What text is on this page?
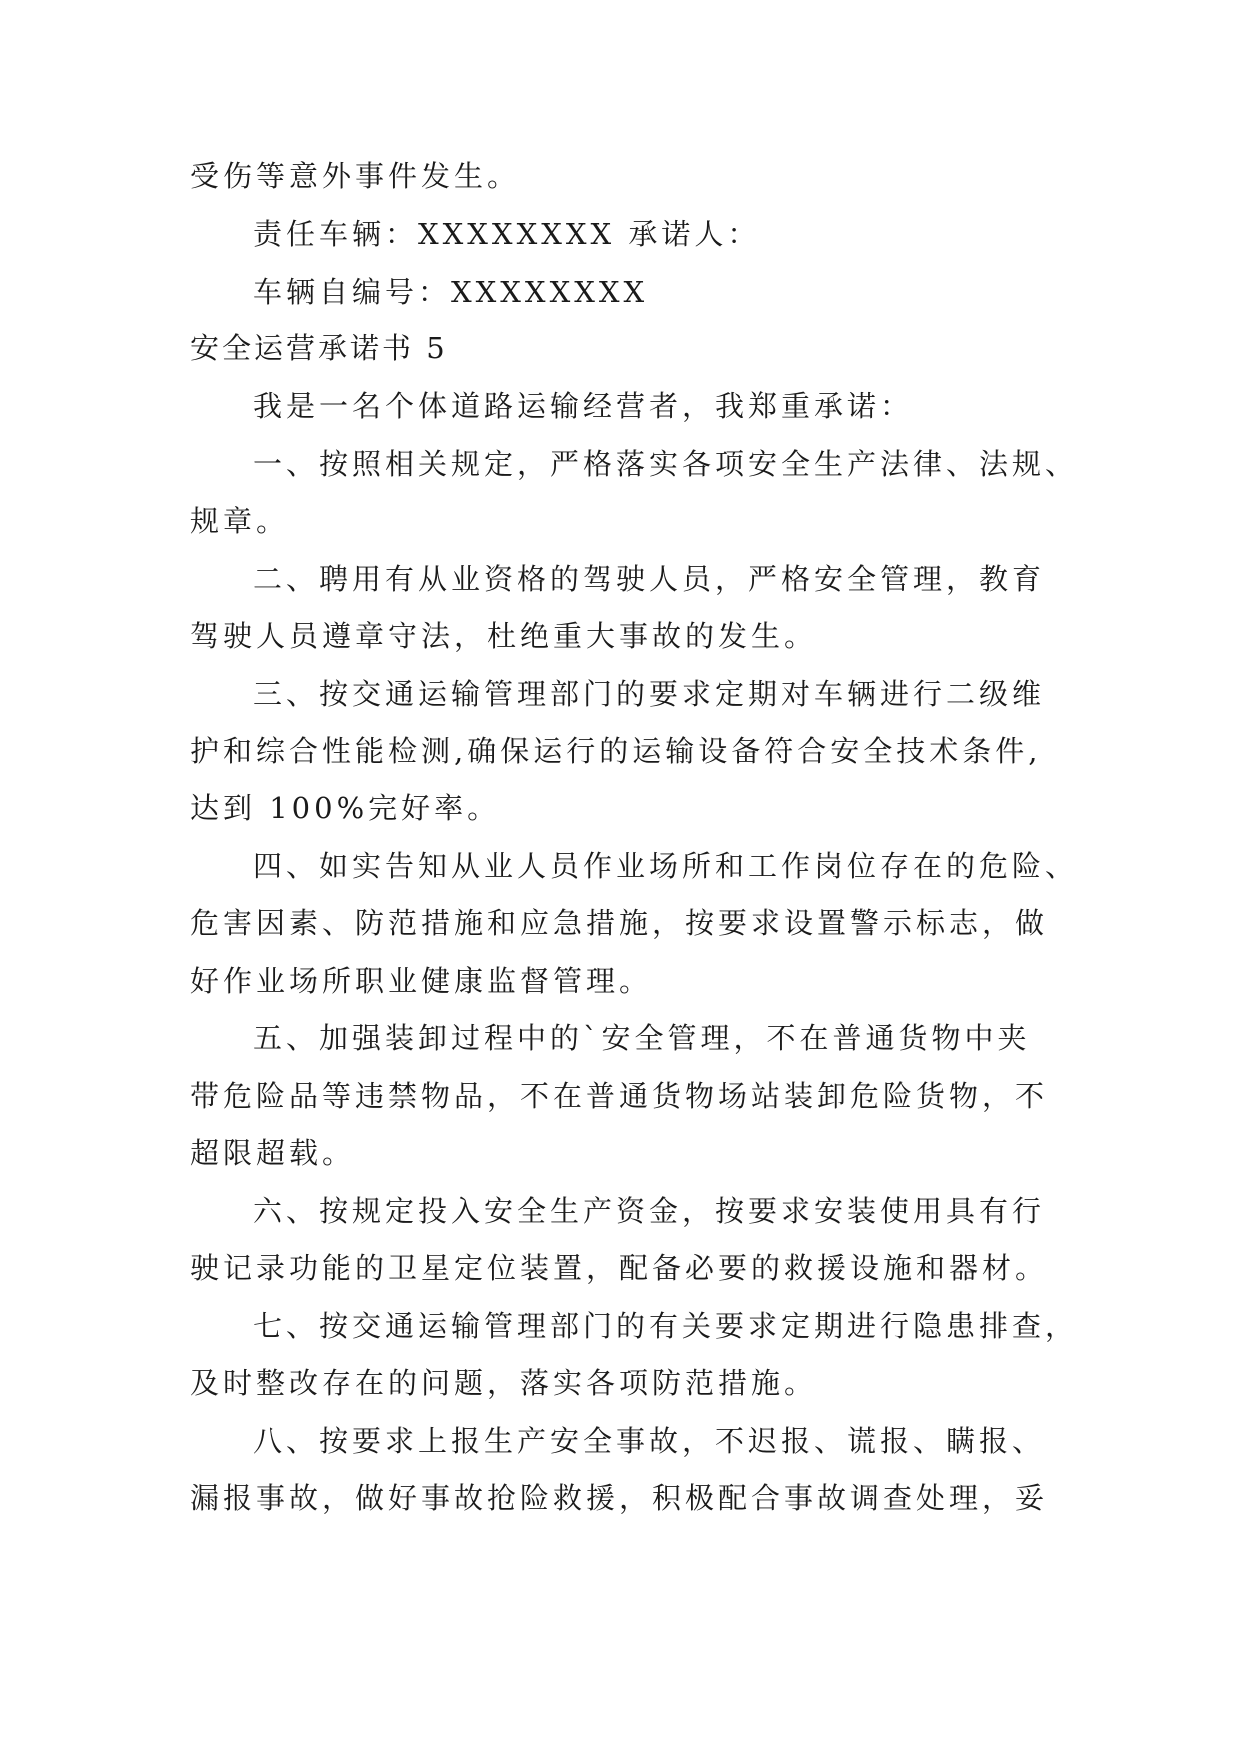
受伤等意外事件发生。
责任车辆：XXXXXXXX 承诺人：
车辆自编号：XXXXXXXX
安全运营承诺书 5
我是一名个体道路运输经营者，我郑重承诺：
一、按照相关规定，严格落实各项安全生产法律、法规、
规章。
二、聘用有从业资格的驾驶人员，严格安全管理，教育
驾驶人员遵章守法，杜绝重大事故的发生。
三、按交通运输管理部门的要求定期对车辆进行二级维
护和综合性能检测,确保运行的运输设备符合安全技术条件,
达到 100%完好率。
四、如实告知从业人员作业场所和工作岗位存在的危险、
危害因素、防范措施和应急措施，按要求设置警示标志，做
好作业场所职业健康监督管理。
五、加强装卸过程中的`安全管理，不在普通货物中夹
带危险品等违禁物品，不在普通货物场站装卸危险货物，不
超限超载。
六、按规定投入安全生产资金，按要求安装使用具有行
驶记录功能的卫星定位装置，配备必要的救援设施和器材。
七、按交通运输管理部门的有关要求定期进行隐患排查，
及时整改存在的问题，落实各项防范措施。
八、按要求上报生产安全事故，不迟报、谎报、瞒报、
漏报事故，做好事故抢险救援，积极配合事故调查处理，妥
